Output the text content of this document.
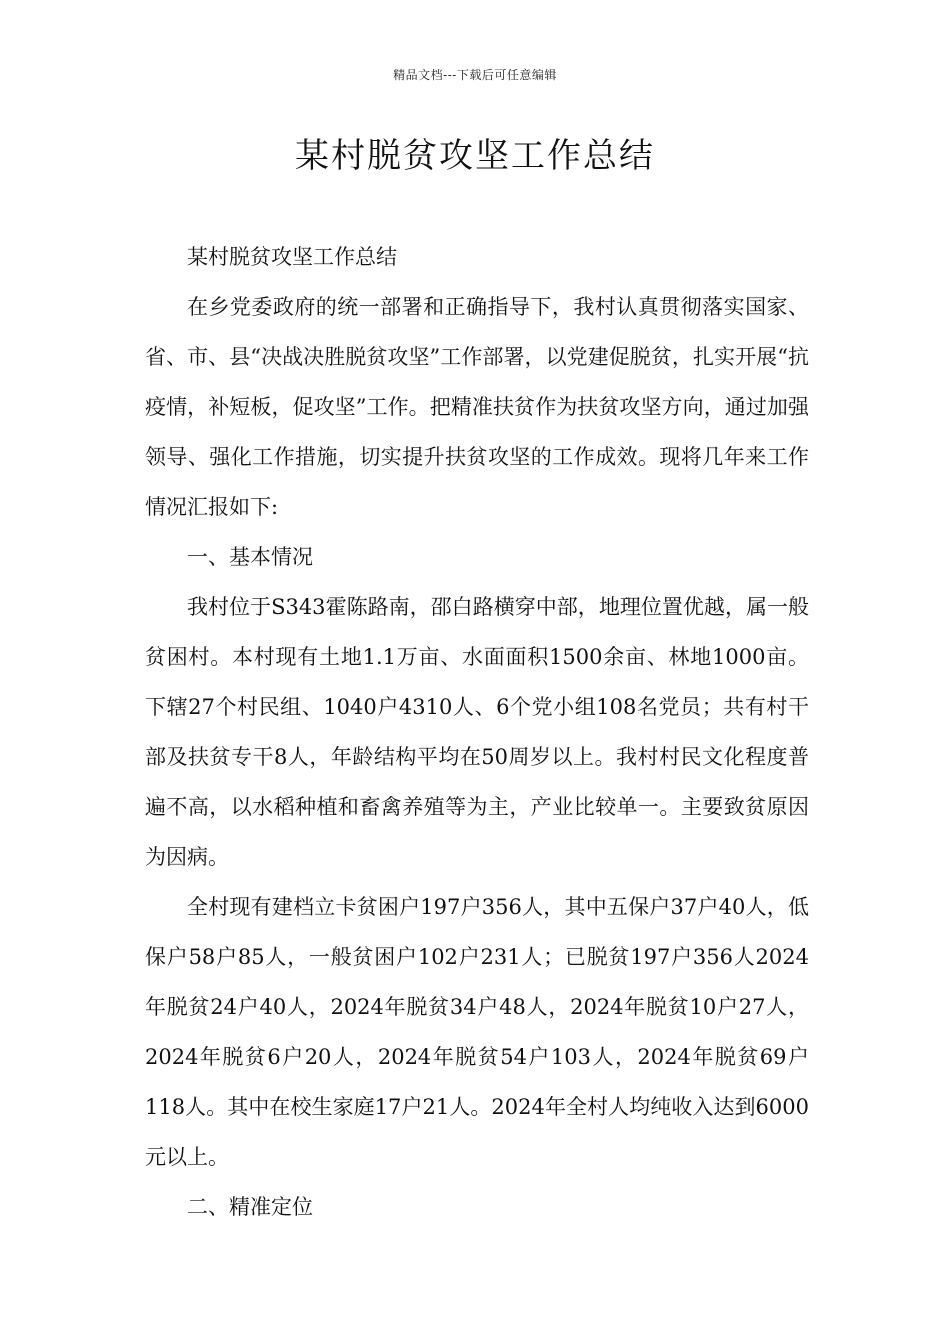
精品文档---下载后可任意编辑
某村脱贫攻坚工作总结

某村脱贫攻坚工作总结

在乡党委政府的统一部署和正确指导下，我村认真贯彻落实国家、省、市、县“决战决胜脱贫攻坚”工作部署，以党建促脱贫，扎实开展“抗疫情，补短板，促攻坚”工作。把精准扶贫作为扶贫攻坚方向，通过加强领导、强化工作措施，切实提升扶贫攻坚的工作成效。现将几年来工作情况汇报如下:

一、基本情况

我村位于S343霍陈路南，邵白路横穿中部，地理位置优越，属一般贫困村。本村现有土地1.1万亩、水面面积1500余亩、林地1000亩。下辖27个村民组、1040户4310人、6个党小组108名党员；共有村干部及扶贫专干8人，年龄结构平均在50周岁以上。我村村民文化程度普遍不高，以水稻种植和畜禽养殖等为主，产业比较单一。主要致贫原因为因病。

全村现有建档立卡贫困户197户356人，其中五保户37户40人，低保户58户85人，一般贫困户102户231人；已脱贫197户356人2024年脱贫24户40人，2024年脱贫34户48人，2024年脱贫10户27人，2024年脱贫6户20人，2024年脱贫54户103人，2024年脱贫69户118人。其中在校生家庭17户21人。2024年全村人均纯收入达到6000元以上。

二、精准定位
